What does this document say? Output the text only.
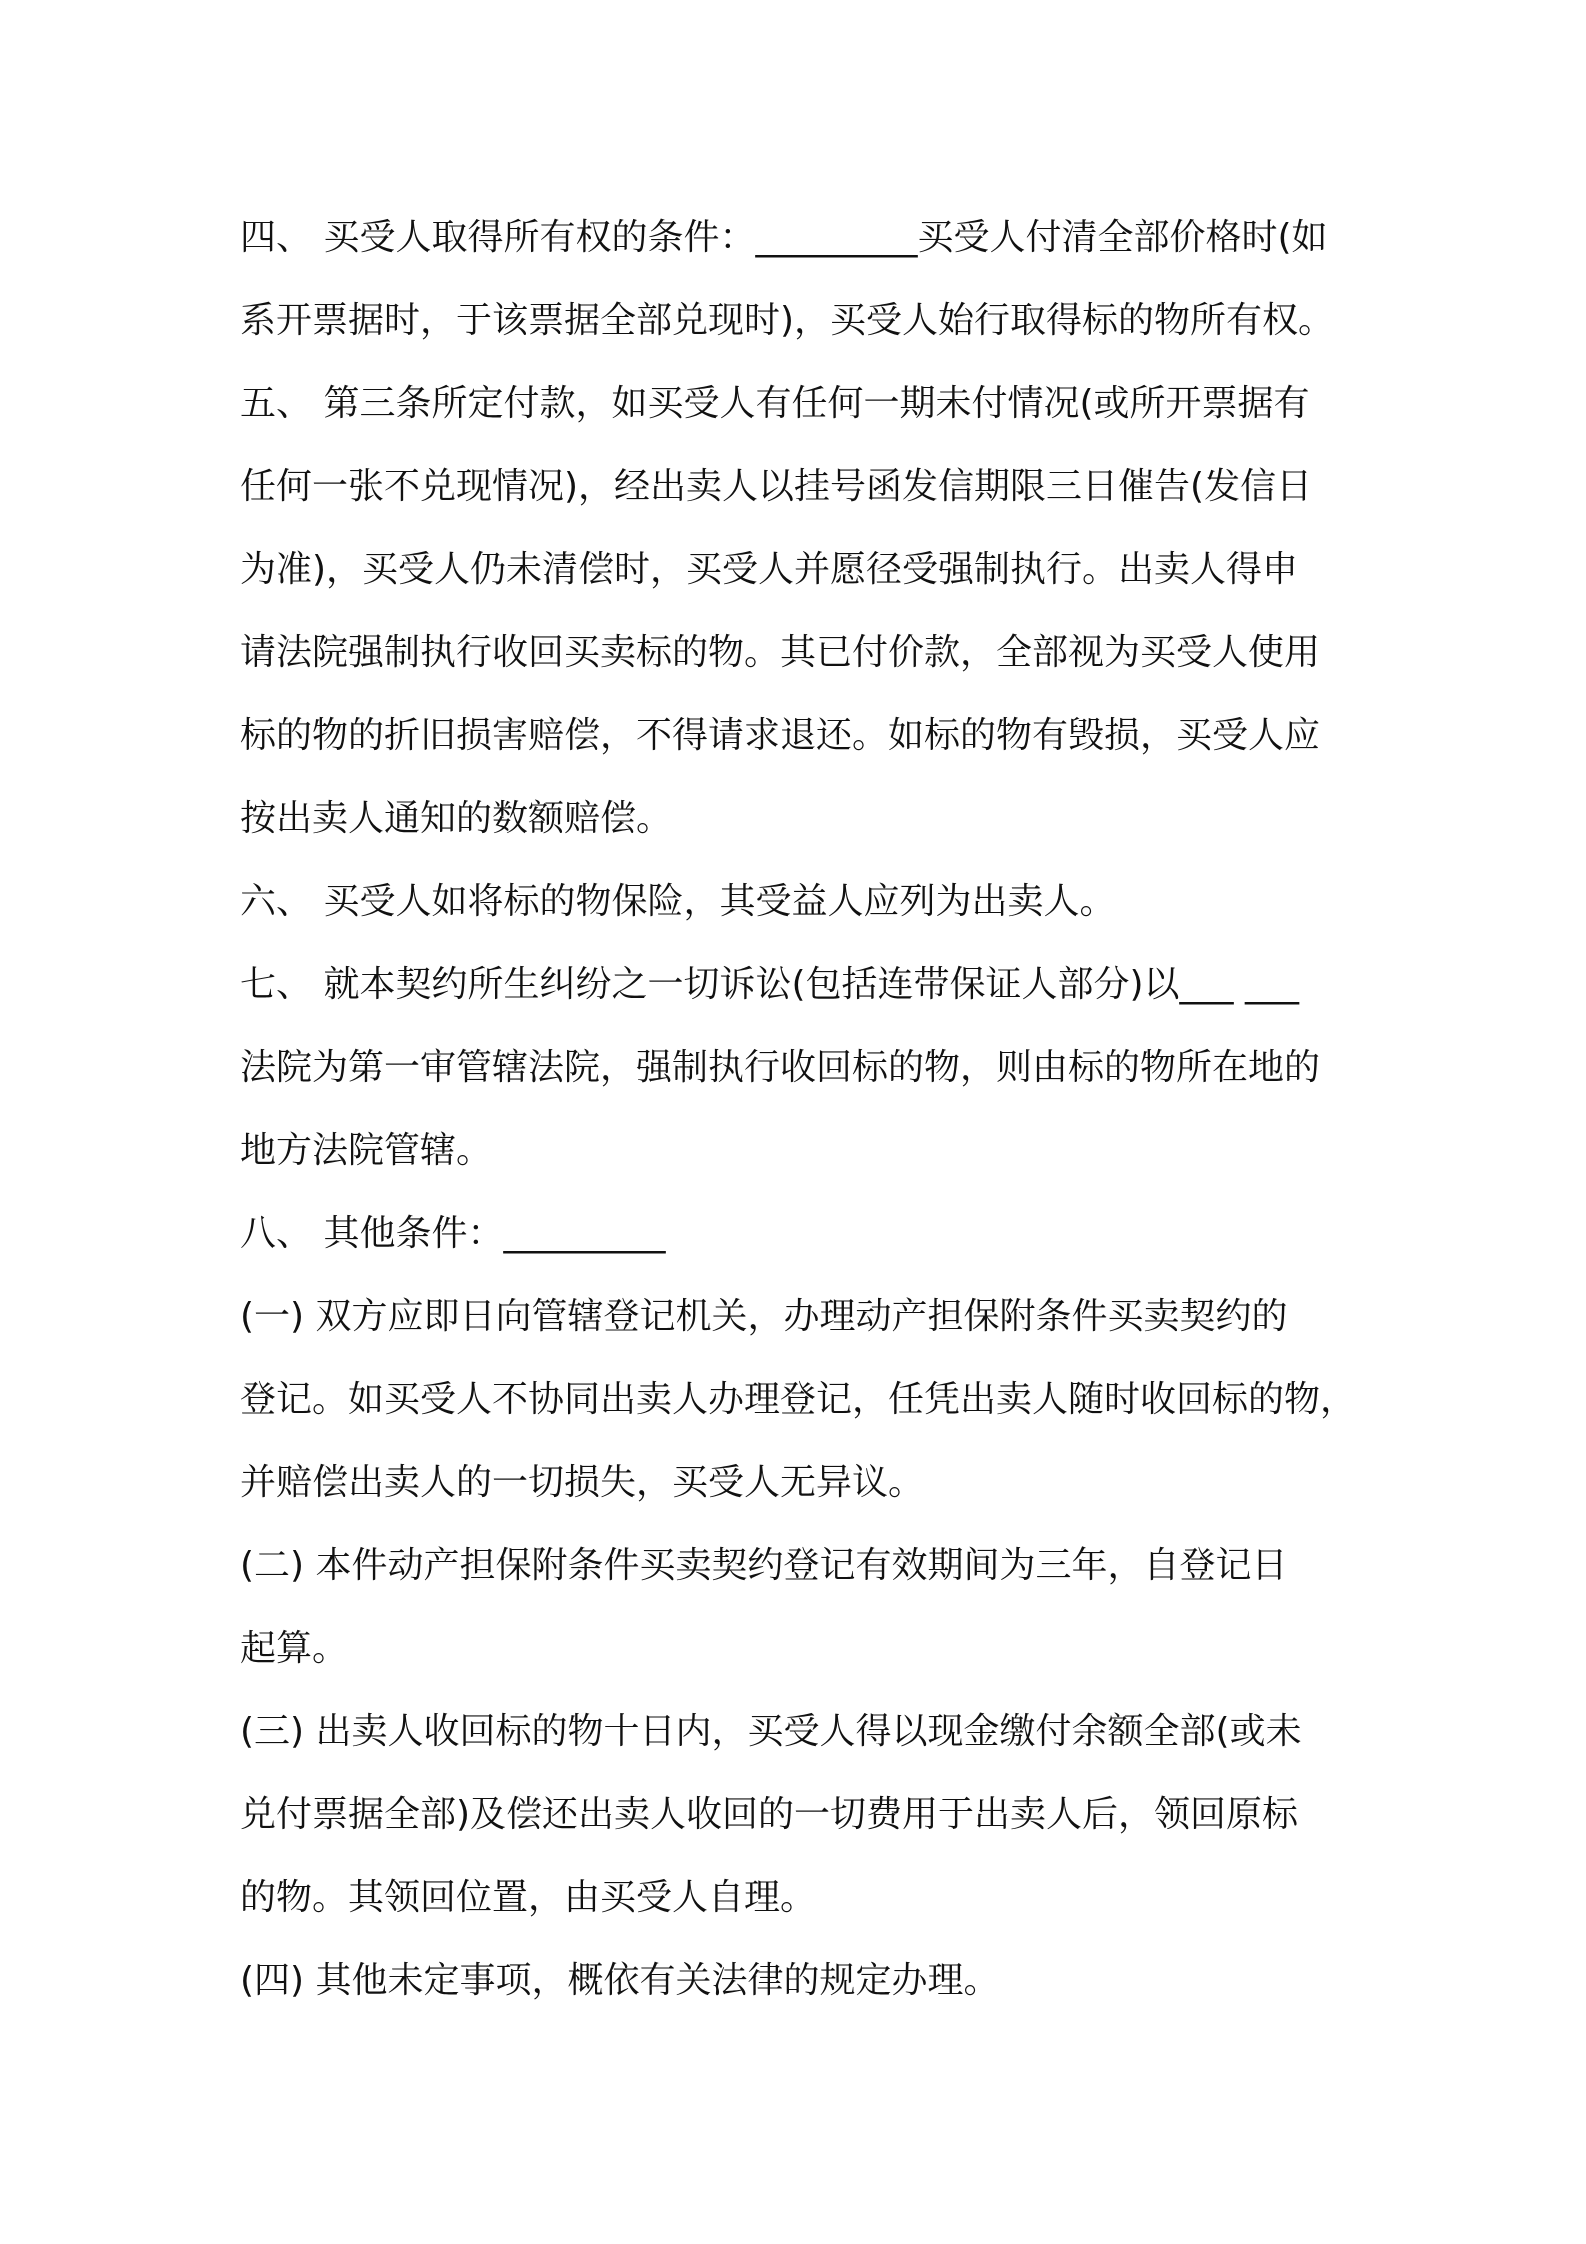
四、 买受人取得所有权的条件：_________买受人付清全部价格时(如
系开票据时，于该票据全部兑现时)，买受人始行取得标的物所有权。
五、 第三条所定付款，如买受人有任何一期未付情况(或所开票据有
任何一张不兑现情况)，经出卖人以挂号函发信期限三日催告(发信日
为准)，买受人仍未清偿时，买受人并愿径受强制执行。出卖人得申
请法院强制执行收回买卖标的物。其已付价款，全部视为买受人使用
标的物的折旧损害赔偿，不得请求退还。如标的物有毁损，买受人应
按出卖人通知的数额赔偿。
六、 买受人如将标的物保险，其受益人应列为出卖人。
七、 就本契约所生纠纷之一切诉讼(包括连带保证人部分)以___ ___
法院为第一审管辖法院，强制执行收回标的物，则由标的物所在地的
地方法院管辖。
八、 其他条件：_________
(一) 双方应即日向管辖登记机关，办理动产担保附条件买卖契约的
登记。如买受人不协同出卖人办理登记，任凭出卖人随时收回标的物，
并赔偿出卖人的一切损失，买受人无异议。
(二) 本件动产担保附条件买卖契约登记有效期间为三年，自登记日
起算。
(三) 出卖人收回标的物十日内，买受人得以现金缴付余额全部(或未
兑付票据全部)及偿还出卖人收回的一切费用于出卖人后，领回原标
的物。其领回位置，由买受人自理。
(四) 其他未定事项，概依有关法律的规定办理。
